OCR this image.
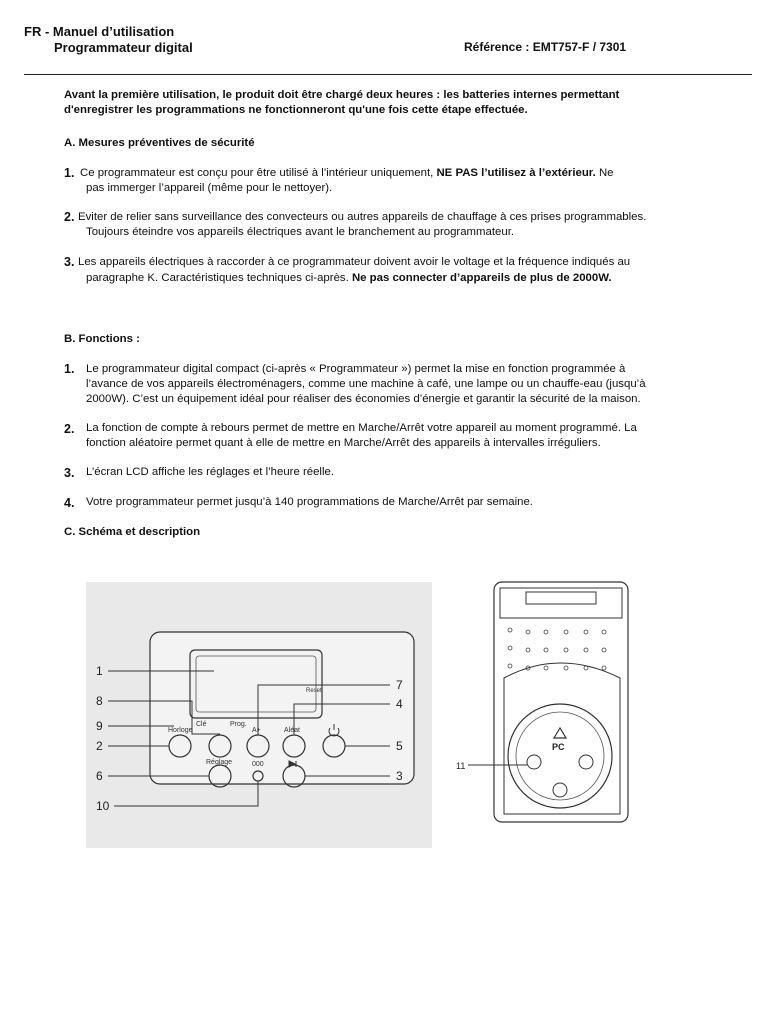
FR - Manuel d’utilisation
Programmateur digital	Référence : EMT757-F / 7301
Avant la première utilisation, le produit doit être chargé deux heures : les batteries internes permettant
d'enregistrer les programmations ne fonctionneront qu'une fois cette étape effectuée.
A. Mesures préventives de sécurité
1. Ce programmateur est conçu pour être utilisé à l’intérieur uniquement, NE PAS l’utilisez à l’extérieur. Ne
pas immerger l’appareil (même pour le nettoyer).
2. Eviter de relier sans surveillance des convecteurs ou autres appareils de chauffage à ces prises programmables.
Toujours éteindre vos appareils électriques avant le branchement au programmateur.
3. Les appareils électriques à raccorder à ce programmateur doivent avoir le voltage et la fréquence indiqués au
paragraphe K. Caractéristiques techniques ci-après. Ne pas connecter d’appareils de plus de 2000W.
B. Fonctions :
1. Le programmateur digital compact (ci-après « Programmateur ») permet la mise en fonction programmée à
l’avance de vos appareils électroménagers, comme une machine à café, une lampe ou un chauffe-eau (jusqu’à
2000W). C’est un équipement idéal pour réaliser des économies d’énergie et garantir la sécurité de la maison.
2. La fonction de compte à rebours permet de mettre en Marche/Arrêt votre appareil au moment programmé. La
fonction aléatoire permet quant à elle de mettre en Marche/Arrêt des appareils à intervalles irréguliers.
3. L’écran LCD affiche les réglages et l’heure réelle.
4. Votre programmateur permet jusqu’à 140 programmations de Marche/Arrêt par semaine.
C. Schéma et description
Horloge
Clé	Prog.
A+
Reset
Aléat
Réglage	000
1
8
9
2
6
10
7
4
5
3
PC
11
